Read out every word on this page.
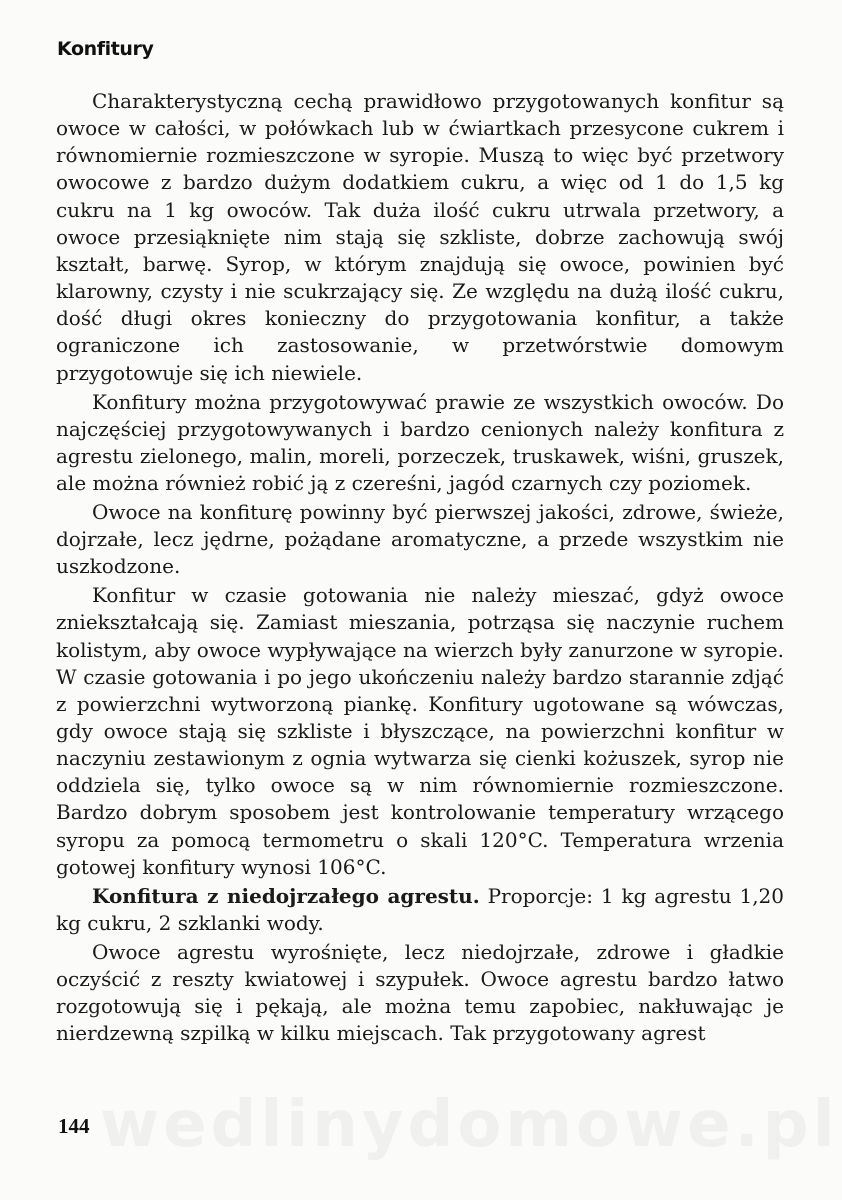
Konfitury

Charakterystyczną cechą prawidłowo przygotowanych konfitur są owoce w całości, w połówkach lub w ćwiartkach przesycone cukrem i równomiernie rozmieszczone w syropie. Muszą to więc być przetwory owocowe z bardzo dużym dodatkiem cukru, a więc od 1 do 1,5 kg cukru na 1 kg owoców. Tak duża ilość cukru utrwala przetwory, a owoce przesiąknięte nim stają się szkliste, dobrze zachowują swój kształt, barwę. Syrop, w którym znajdują się owoce, powinien być klarowny, czysty i nie scukrzający się. Ze względu na dużą ilość cukru, dość długi okres konieczny do przygotowania konfitur, a także ograniczone ich zastosowanie, w przetwórstwie domowym przygotowuje się ich niewiele.

Konfitury można przygotowywać prawie ze wszystkich owoców. Do najczęściej przygotowywanych i bardzo cenionych należy konfitura z agrestu zielonego, malin, moreli, porzeczek, truskawek, wiśni, gruszek, ale można również robić ją z czereśni, jagód czarnych czy poziomek.

Owoce na konfiturę powinny być pierwszej jakości, zdrowe, świeże, dojrzałe, lecz jędrne, pożądane aromatyczne, a przede wszystkim nie uszkodzone.

Konfitur w czasie gotowania nie należy mieszać, gdyż owoce zniekształcają się. Zamiast mieszania, potrząsa się naczynie ruchem kolistym, aby owoce wypływające na wierzch były zanurzone w syropie. W czasie gotowania i po jego ukończeniu należy bardzo starannie zdjąć z powierzchni wytworzoną piankę. Konfitury ugotowane są wówczas, gdy owoce stają się szkliste i błyszczące, na powierzchni konfitur w naczyniu zestawionym z ognia wytwarza się cienki kożuszek, syrop nie oddziela się, tylko owoce są w nim równomiernie rozmieszczone. Bardzo dobrym sposobem jest kontrolowanie temperatury wrzącego syropu za pomocą termometru o skali 120°C. Temperatura wrzenia gotowej konfitury wynosi 106°C.

Konfitura z niedojrzałego agrestu. Proporcje: 1 kg agrestu 1,20 kg cukru, 2 szklanki wody.

Owoce agrestu wyrośnięte, lecz niedojrzałe, zdrowe i gładkie oczyścić z reszty kwiatowej i szypułek. Owoce agrestu bardzo łatwo rozgotowują się i pękają, ale można temu zapobiec, nakłuwając je nierdzewną szpilką w kilku miejscach. Tak przygotowany agrest

wedlinydomowe.pl
144
